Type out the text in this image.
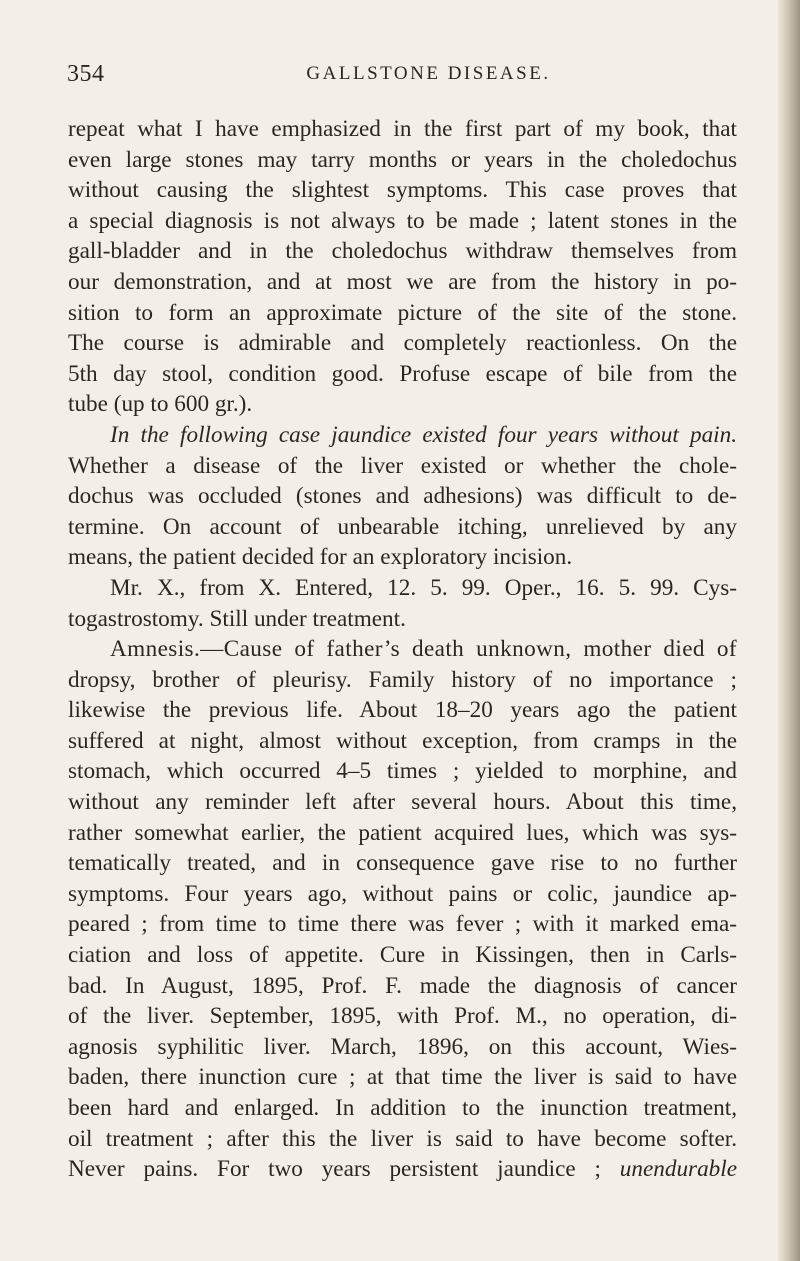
354	GALLSTONE DISEASE.
repeat what I have emphasized in the first part of my book, that
even large stones may tarry months or years in the choledochus
without causing the slightest symptoms. This case proves that
a special diagnosis is not always to be made ; latent stones in the
gall-bladder and in the choledochus withdraw themselves from
our demonstration, and at most we are from the history in po-
sition to form an approximate picture of the site of the stone.
The course is admirable and completely reactionless. On the
5th day stool, condition good. Profuse escape of bile from the
tube (up to 600 gr.).
In the following case jaundice existed four years without pain.
Whether a disease of the liver existed or whether the chole-
dochus was occluded (stones and adhesions) was difficult to de-
termine. On account of unbearable itching, unrelieved by any
means, the patient decided for an exploratory incision.
Mr. X., from X. Entered, 12. 5. 99. Oper., 16. 5. 99. Cys-
togastrostomy. Still under treatment.
Amnesis.—Cause of father’s death unknown, mother died of
dropsy, brother of pleurisy. Family history of no importance ;
likewise the previous life. About 18–20 years ago the patient
suffered at night, almost without exception, from cramps in the
stomach, which occurred 4–5 times ; yielded to morphine, and
without any reminder left after several hours. About this time,
rather somewhat earlier, the patient acquired lues, which was sys-
tematically treated, and in consequence gave rise to no further
symptoms. Four years ago, without pains or colic, jaundice ap-
peared ; from time to time there was fever ; with it marked ema-
ciation and loss of appetite. Cure in Kissingen, then in Carls-
bad. In August, 1895, Prof. F. made the diagnosis of cancer
of the liver. September, 1895, with Prof. M., no operation, di-
agnosis syphilitic liver. March, 1896, on this account, Wies-
baden, there inunction cure ; at that time the liver is said to have
been hard and enlarged. In addition to the inunction treatment,
oil treatment ; after this the liver is said to have become softer.
Never pains. For two years persistent jaundice ; unendurable
